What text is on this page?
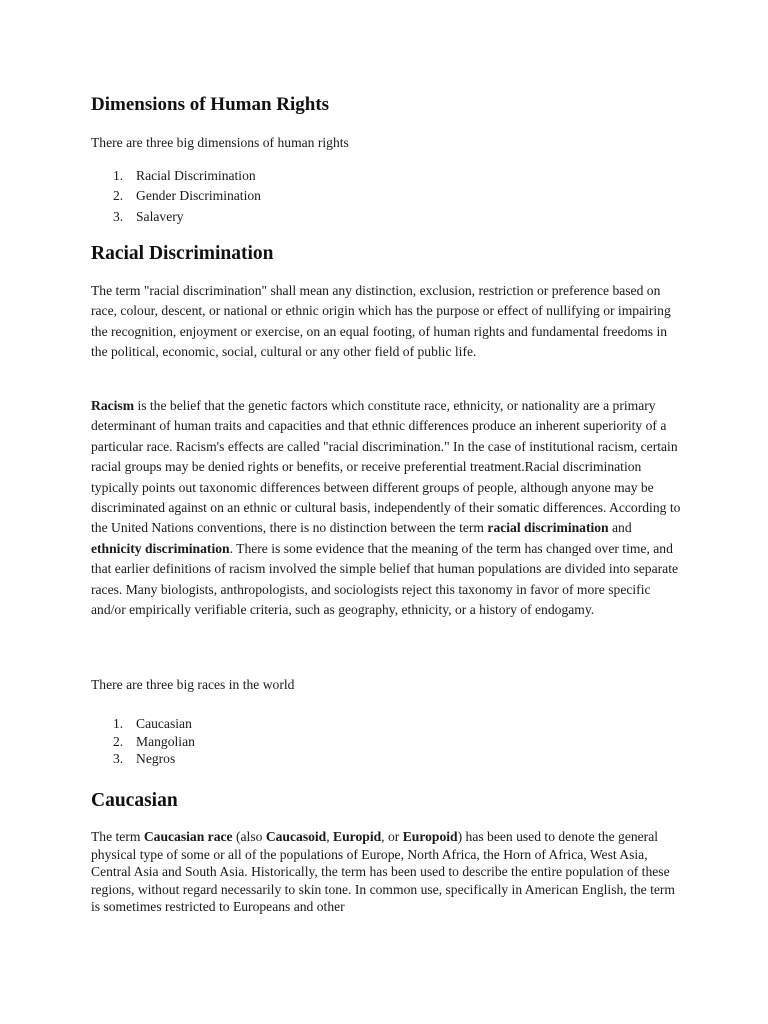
Dimensions of Human Rights

There are three big dimensions of human rights

1. Racial Discrimination
2. Gender Discrimination
3. Salavery
Racial Discrimination

The term "racial discrimination" shall mean any distinction, exclusion, restriction or preference based on race, colour, descent, or national or ethnic origin which has the purpose or effect of nullifying or impairing the recognition, enjoyment or exercise, on an equal footing, of human rights and fundamental freedoms in the political, economic, social, cultural or any other field of public life.

Racism is the belief that the genetic factors which constitute race, ethnicity, or nationality are a primary determinant of human traits and capacities and that ethnic differences produce an inherent superiority of a particular race. Racism's effects are called "racial discrimination." In the case of institutional racism, certain racial groups may be denied rights or benefits, or receive preferential treatment.Racial discrimination typically points out taxonomic differences between different groups of people, although anyone may be discriminated against on an ethnic or cultural basis, independently of their somatic differences. According to the United Nations conventions, there is no distinction between the term racial discrimination and ethnicity discrimination. There is some evidence that the meaning of the term has changed over time, and that earlier definitions of racism involved the simple belief that human populations are divided into separate races. Many biologists, anthropologists, and sociologists reject this taxonomy in favor of more specific and/or empirically verifiable criteria, such as geography, ethnicity, or a history of endogamy.

There are three big races in the world

1. Caucasian
2. Mangolian
3. Negros
Caucasian

The term Caucasian race (also Caucasoid, Europid, or Europoid) has been used to denote the general physical type of some or all of the populations of Europe, North Africa, the Horn of Africa, West Asia, Central Asia and South Asia. Historically, the term has been used to describe the entire population of these regions, without regard necessarily to skin tone. In common use, specifically in American English, the term is sometimes restricted to Europeans and other
